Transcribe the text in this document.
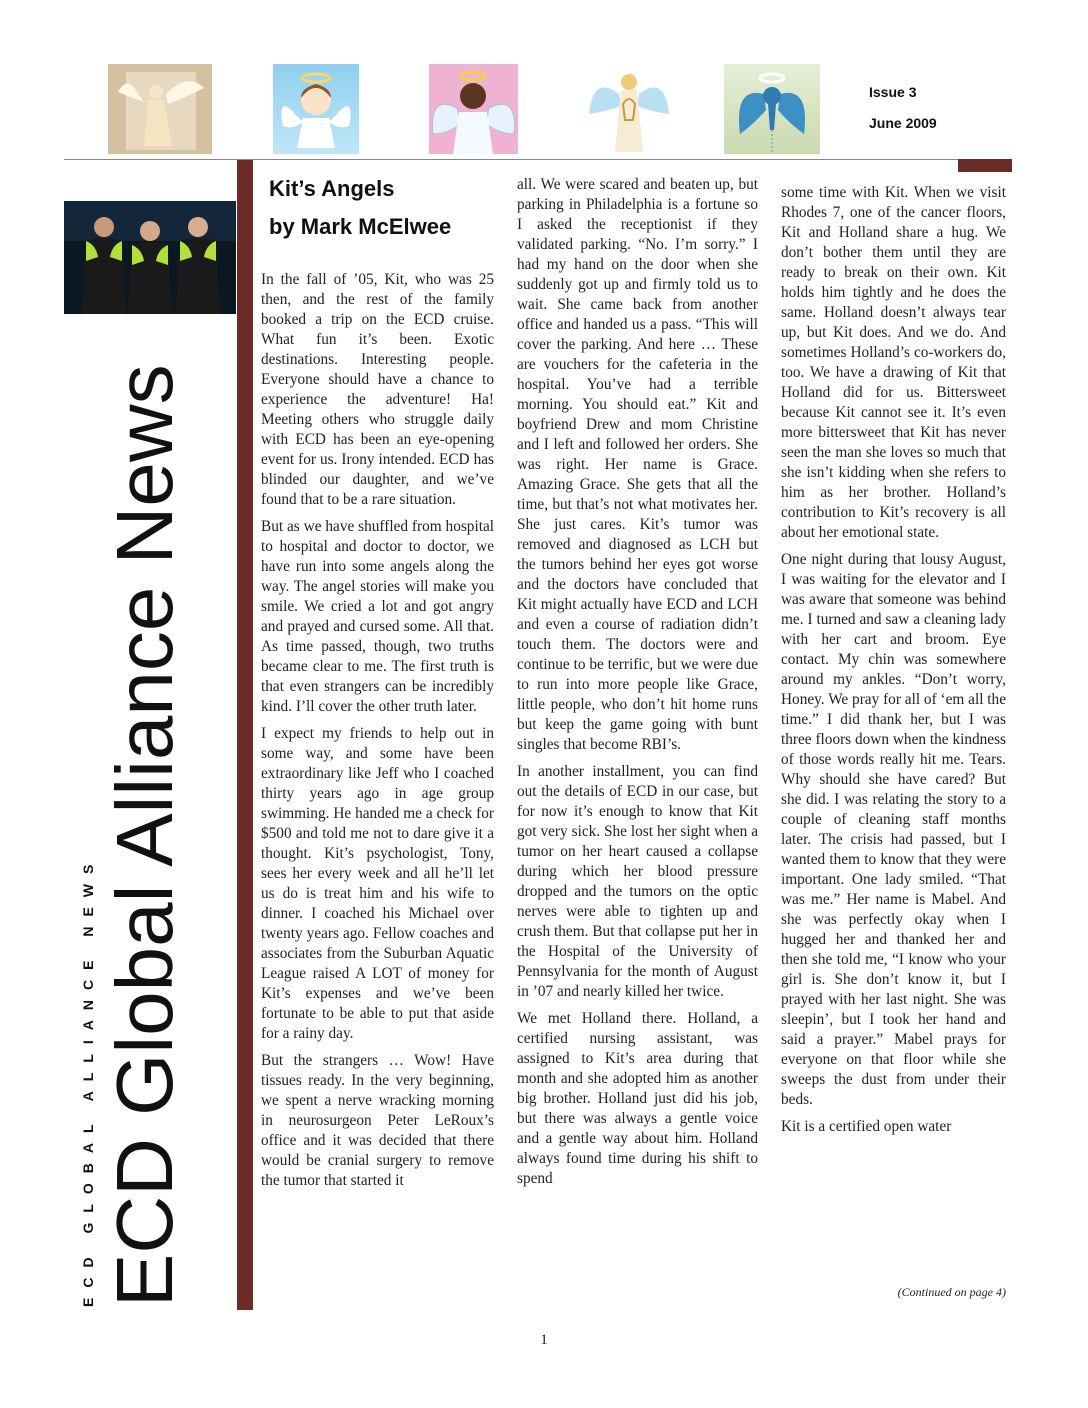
Issue 3
June 2009
ECD Global Alliance News
ECD GLOBAL ALLIANCE NEWS
Kit’s Angels
by Mark McElwee

In the fall of ’05, Kit, who was 25 then, and the rest of the family booked a trip on the ECD cruise. What fun it’s been. Exotic destinations. Interesting people. Everyone should have a chance to experience the adventure! Ha! Meeting others who struggle daily with ECD has been an eye-opening event for us. Irony intended. ECD has blinded our daughter, and we’ve found that to be a rare situation.

But as we have shuffled from hospital to hospital and doctor to doctor, we have run into some angels along the way. The angel stories will make you smile. We cried a lot and got angry and prayed and cursed some. All that. As time passed, though, two truths became clear to me. The first truth is that even strangers can be incredibly kind. I’ll cover the other truth later.

I expect my friends to help out in some way, and some have been extraordinary like Jeff who I coached thirty years ago in age group swimming. He handed me a check for $500 and told me not to dare give it a thought. Kit’s psychologist, Tony, sees her every week and all he’ll let us do is treat him and his wife to dinner. I coached his Michael over twenty years ago. Fellow coaches and associates from the Suburban Aquatic League raised A LOT of money for Kit’s expenses and we’ve been fortunate to be able to put that aside for a rainy day.

But the strangers … Wow! Have tissues ready. In the very beginning, we spent a nerve wracking morning in neurosurgeon Peter LeRoux’s office and it was decided that there would be cranial surgery to remove the tumor that started it

all. We were scared and beaten up, but parking in Philadelphia is a fortune so I asked the receptionist if they validated parking. “No. I’m sorry.” I had my hand on the door when she suddenly got up and firmly told us to wait. She came back from another office and handed us a pass. “This will cover the parking. And here … These are vouchers for the cafeteria in the hospital. You’ve had a terrible morning. You should eat.” Kit and boyfriend Drew and mom Christine and I left and followed her orders. She was right. Her name is Grace. Amazing Grace. She gets that all the time, but that’s not what motivates her. She just cares. Kit’s tumor was removed and diagnosed as LCH but the tumors behind her eyes got worse and the doctors have concluded that Kit might actually have ECD and LCH and even a course of radiation didn’t touch them. The doctors were and continue to be terrific, but we were due to run into more people like Grace, little people, who don’t hit home runs but keep the game going with bunt singles that become RBI’s.

In another installment, you can find out the details of ECD in our case, but for now it’s enough to know that Kit got very sick. She lost her sight when a tumor on her heart caused a collapse during which her blood pressure dropped and the tumors on the optic nerves were able to tighten up and crush them. But that collapse put her in the Hospital of the University of Pennsylvania for the month of August in ’07 and nearly killed her twice.

We met Holland there. Holland, a certified nursing assistant, was assigned to Kit’s area during that month and she adopted him as another big brother. Holland just did his job, but there was always a gentle voice and a gentle way about him. Holland always found time during his shift to spend

some time with Kit. When we visit Rhodes 7, one of the cancer floors, Kit and Holland share a hug. We don’t bother them until they are ready to break on their own. Kit holds him tightly and he does the same. Holland doesn’t always tear up, but Kit does. And we do. And sometimes Holland’s co-workers do, too. We have a drawing of Kit that Holland did for us. Bittersweet because Kit cannot see it. It’s even more bittersweet that Kit has never seen the man she loves so much that she isn’t kidding when she refers to him as her brother. Holland’s contribution to Kit’s recovery is all about her emotional state.

One night during that lousy August, I was waiting for the elevator and I was aware that someone was behind me. I turned and saw a cleaning lady with her cart and broom. Eye contact. My chin was somewhere around my ankles. “Don’t worry, Honey. We pray for all of ‘em all the time.” I did thank her, but I was three floors down when the kindness of those words really hit me. Tears. Why should she have cared? But she did. I was relating the story to a couple of cleaning staff months later. The crisis had passed, but I wanted them to know that they were important. One lady smiled. “That was me.” Her name is Mabel. And she was perfectly okay when I hugged her and thanked her and then she told me, “I know who your girl is. She don’t know it, but I prayed with her last night. She was sleepin’, but I took her hand and said a prayer.” Mabel prays for everyone on that floor while she sweeps the dust from under their beds.

Kit is a certified open water

(Continued on page 4)
1
